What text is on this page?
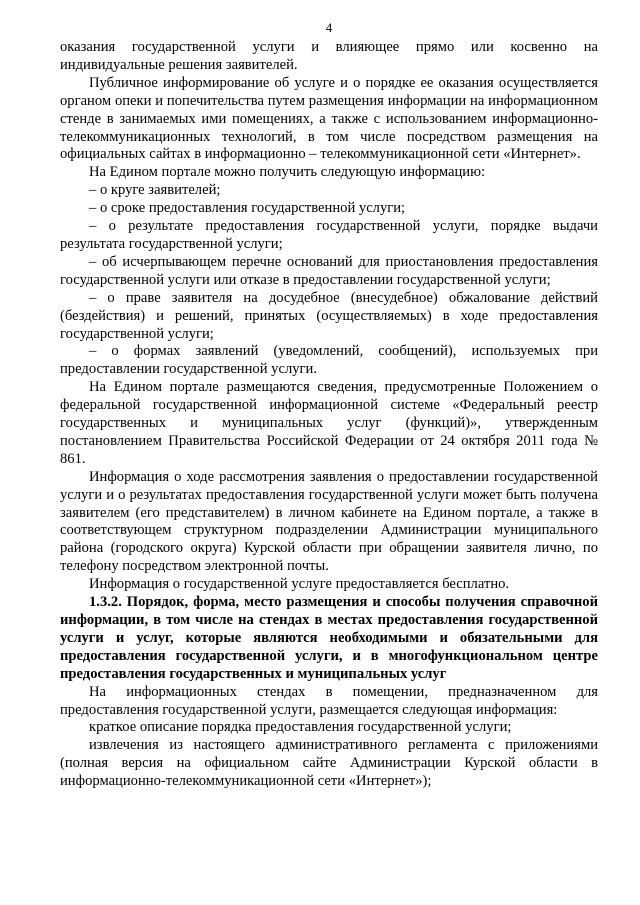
4

оказания государственной услуги и влияющее прямо или косвенно на индивидуальные решения заявителей.

Публичное информирование об услуге и о порядке ее оказания осуществляется органом опеки и попечительства путем размещения информации на информационном стенде в занимаемых ими помещениях, а также с использованием информационно-телекоммуникационных технологий, в том числе посредством размещения на официальных сайтах в информационно – телекоммуникационной сети «Интернет».

На Едином портале можно получить следующую информацию:

– о круге заявителей;

– о сроке предоставления государственной услуги;

– о результате предоставления государственной услуги, порядке выдачи результата государственной услуги;

– об исчерпывающем перечне оснований для приостановления предоставления государственной услуги или отказе в предоставлении государственной услуги;

– о праве заявителя на досудебное (внесудебное) обжалование действий (бездействия) и решений, принятых (осуществляемых) в ходе предоставления государственной услуги;

– о формах заявлений (уведомлений, сообщений), используемых при предоставлении государственной услуги.

На Едином портале размещаются сведения, предусмотренные Положением о федеральной государственной информационной системе «Федеральный реестр государственных и муниципальных услуг (функций)», утвержденным постановлением Правительства Российской Федерации от 24 октября 2011 года № 861.

Информация о ходе рассмотрения заявления о предоставлении государственной услуги и о результатах предоставления государственной услуги может быть получена заявителем (его представителем) в личном кабинете на Едином портале, а также в соответствующем структурном подразделении Администрации муниципального района (городского округа) Курской области при обращении заявителя лично, по телефону посредством электронной почты.

Информация о государственной услуге предоставляется бесплатно.

1.3.2. Порядок, форма, место размещения и способы получения справочной информации, в том числе на стендах в местах предоставления государственной услуги и услуг, которые являются необходимыми и обязательными для предоставления государственной услуги, и в многофункциональном центре предоставления государственных и муниципальных услуг

На информационных стендах в помещении, предназначенном для предоставления государственной услуги, размещается следующая информация:

краткое описание порядка предоставления государственной услуги;

извлечения из настоящего административного регламента с приложениями (полная версия на официальном сайте Администрации Курской области в информационно-телекоммуникационной сети «Интернет»);
